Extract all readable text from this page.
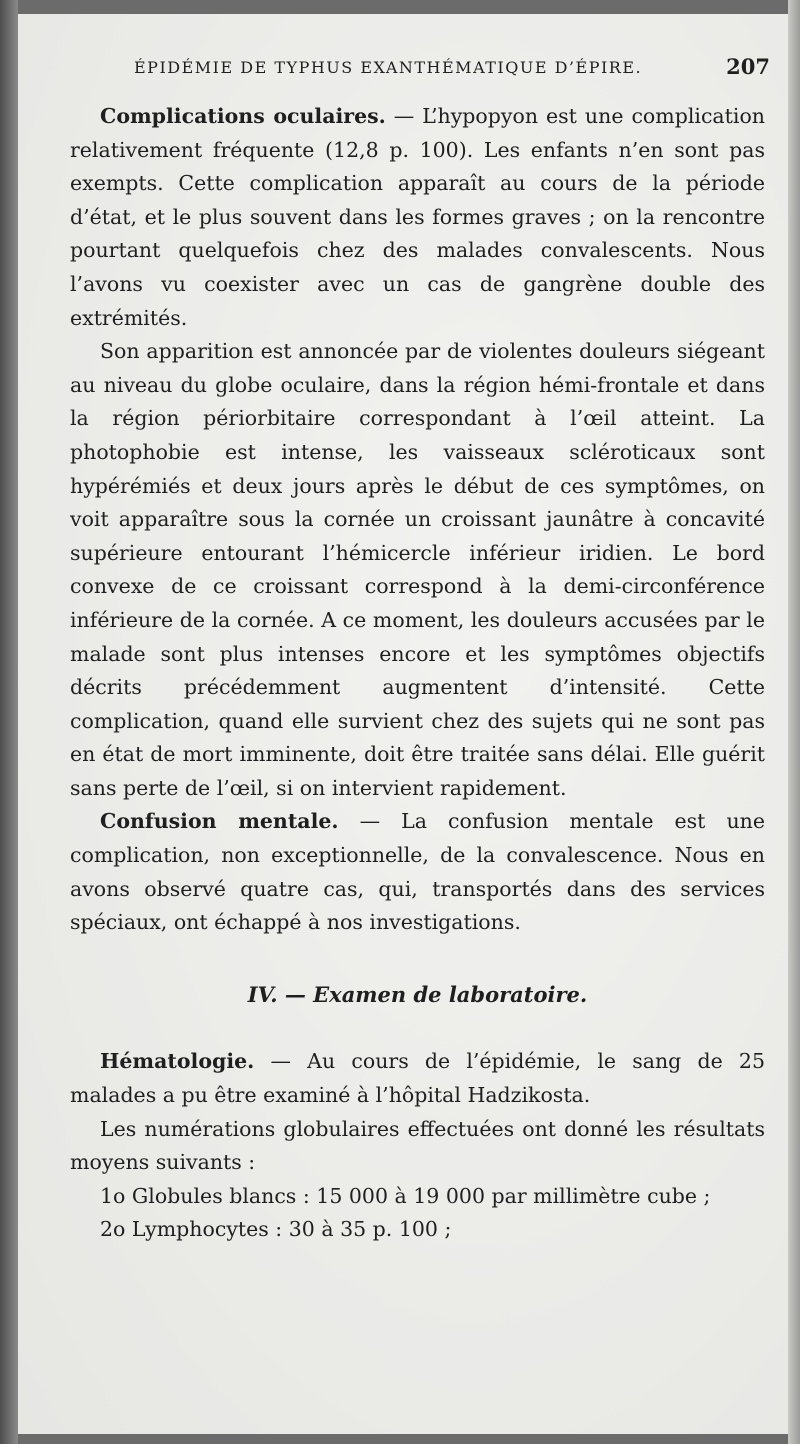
ÉPIDÉMIE DE TYPHUS EXANTHÉMATIQUE D’ÉPIRE.	207

Complications oculaires. — L’hypopyon est une complication relativement fréquente (12,8 p. 100). Les enfants n’en sont pas exempts. Cette complication apparaît au cours de la période d’état, et le plus souvent dans les formes graves ; on la rencontre pourtant quelquefois chez des malades convalescents. Nous l’avons vu coexister avec un cas de gangrène double des extrémités.

Son apparition est annoncée par de violentes douleurs siégeant au niveau du globe oculaire, dans la région hémi-frontale et dans la région périorbitaire correspondant à l’œil atteint. La photophobie est intense, les vaisseaux scléroticaux sont hypérémiés et deux jours après le début de ces symptômes, on voit apparaître sous la cornée un croissant jaunâtre à concavité supérieure entourant l’hémicercle inférieur iridien. Le bord convexe de ce croissant correspond à la demi-circonférence inférieure de la cornée. A ce moment, les douleurs accusées par le malade sont plus intenses encore et les symptômes objectifs décrits précédemment augmentent d’intensité. Cette complication, quand elle survient chez des sujets qui ne sont pas en état de mort imminente, doit être traitée sans délai. Elle guérit sans perte de l’œil, si on intervient rapidement.

Confusion mentale. — La confusion mentale est une complication, non exceptionnelle, de la convalescence. Nous en avons observé quatre cas, qui, transportés dans des services spéciaux, ont échappé à nos investigations.

IV. — Examen de laboratoire.

Hématologie. — Au cours de l’épidémie, le sang de 25 malades a pu être examiné à l’hôpital Hadzikosta.

Les numérations globulaires effectuées ont donné les résultats moyens suivants :

1o Globules blancs : 15 000 à 19 000 par millimètre cube ;

2o Lymphocytes : 30 à 35 p. 100 ;
